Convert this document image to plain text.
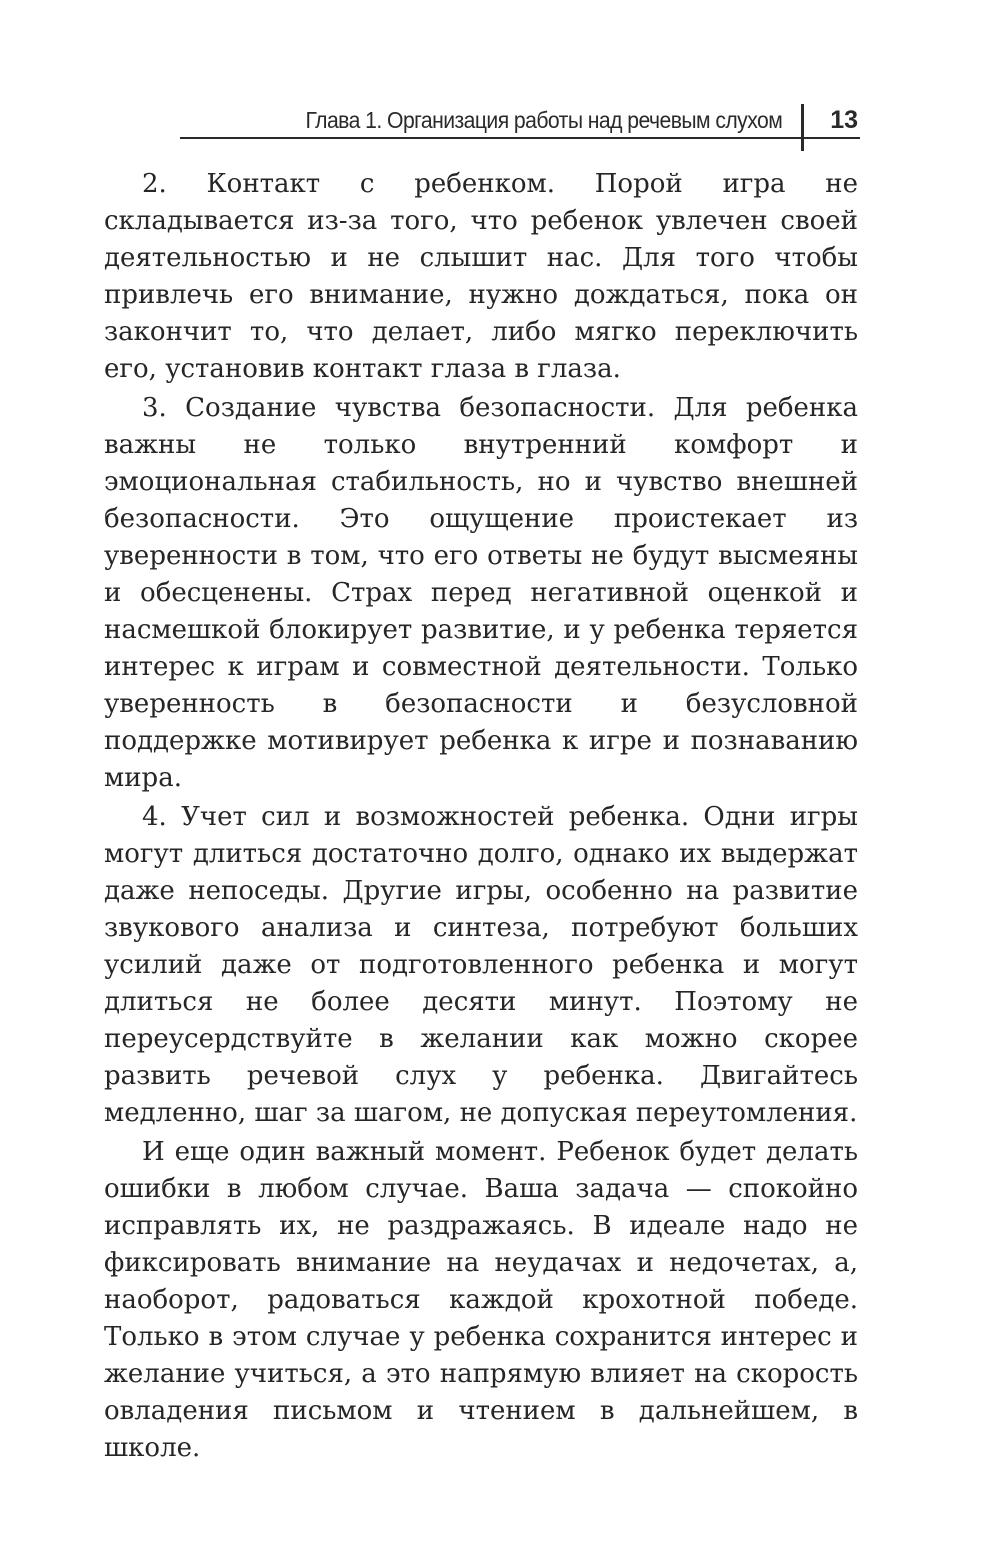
Глава 1. Организация работы над речевым слухом 13

2. Контакт с ребенком. Порой игра не складывается из-за того, что ребенок увлечен своей деятельностью и не слышит нас. Для того чтобы привлечь его внимание, нужно дождаться, пока он закончит то, что делает, либо мягко переключить его, установив контакт глаза в глаза.

3. Создание чувства безопасности. Для ребенка важны не только внутренний комфорт и эмоциональная стабильность, но и чувство внешней безопасности. Это ощущение проистекает из уверенности в том, что его ответы не будут высмеяны и обесценены. Страх перед негативной оценкой и насмешкой блокирует развитие, и у ребенка теряется интерес к играм и совместной деятельности. Только уверенность в безопасности и безусловной поддержке мотивирует ребенка к игре и познаванию мира.

4. Учет сил и возможностей ребенка. Одни игры могут длиться достаточно долго, однако их выдержат даже непоседы. Другие игры, особенно на развитие звукового анализа и синтеза, потребуют больших усилий даже от подготовленного ребенка и могут длиться не более десяти минут. Поэтому не переусердствуйте в желании как можно скорее развить речевой слух у ребенка. Двигайтесь медленно, шаг за шагом, не допуская переутомления.

И еще один важный момент. Ребенок будет делать ошибки в любом случае. Ваша задача — спокойно исправлять их, не раздражаясь. В идеале надо не фиксировать внимание на неудачах и недочетах, а, наоборот, радоваться каждой крохотной победе. Только в этом случае у ребенка сохранится интерес и желание учиться, а это напрямую влияет на скорость овладения письмом и чтением в дальнейшем, в школе.
